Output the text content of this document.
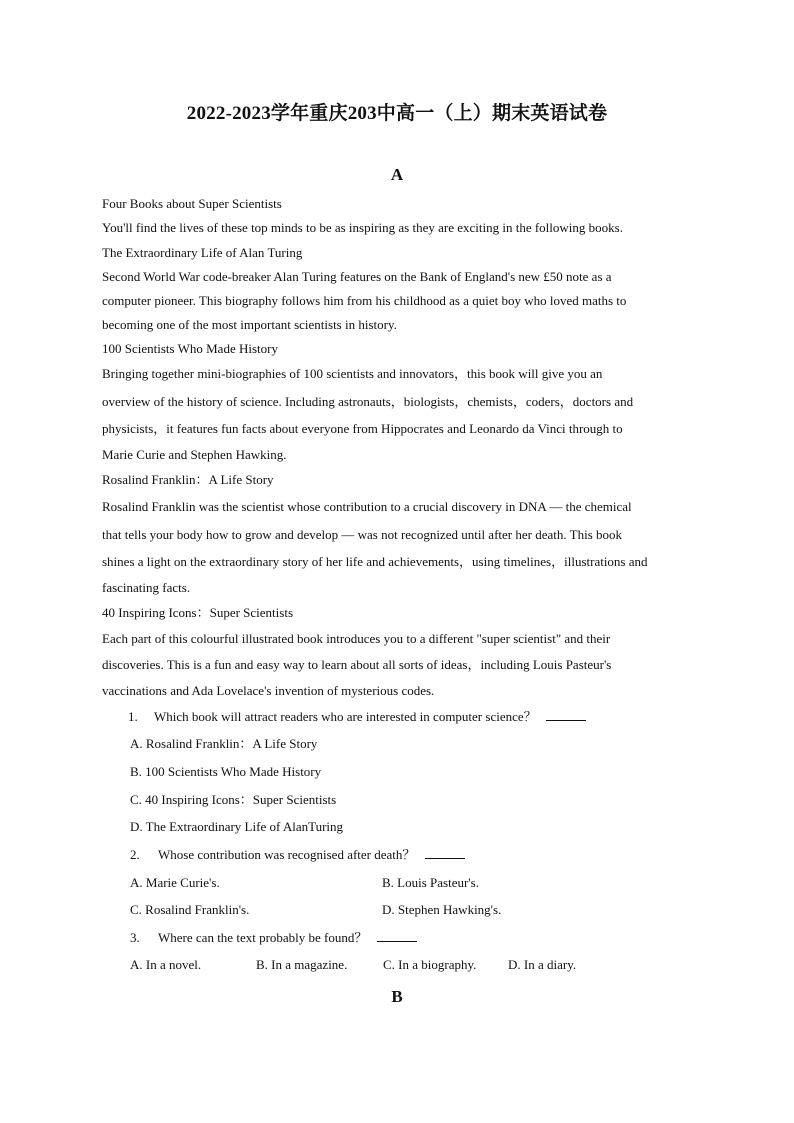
2022-2023学年重庆203中高一（上）期末英语试卷
A
Four Books about Super Scientists
You'll find the lives of these top minds to be as inspiring as they are exciting in the following books.
The Extraordinary Life of Alan Turing
Second World War code-breaker Alan Turing features on the Bank of England's new £50 note as a
computer pioneer. This biography follows him from his childhood as a quiet boy who loved maths to
becoming one of the most important scientists in history.
100 Scientists Who Made History
Bringing together mini-biographies of 100 scientists and innovators，this book will give you an
overview of the history of science. Including astronauts，biologists，chemists，coders，doctors and
physicists，it features fun facts about everyone from Hippocrates and Leonardo da Vinci through to
Marie Curie and Stephen Hawking.
Rosalind Franklin：A Life Story
Rosalind Franklin was the scientist whose contribution to a crucial discovery in DNA — the chemical
that tells your body how to grow and develop — was not recognized until after her death. This book
shines a light on the extraordinary story of her life and achievements，using timelines，illustrations and
fascinating facts.
40 Inspiring Icons：Super Scientists
Each part of this colourful illustrated book introduces you to a different "super scientist" and their
discoveries. This is a fun and easy way to learn about all sorts of ideas，including Louis Pasteur's
vaccinations and Ada Lovelace's invention of mysterious codes.
1. Which book will attract readers who are interested in computer science？
A. Rosalind Franklin：A Life Story
B. 100 Scientists Who Made History
C. 40 Inspiring Icons：Super Scientists
D. The Extraordinary Life of AlanTuring
2. Whose contribution was recognised after death？
A. Marie Curie's.	B. Louis Pasteur's.
C. Rosalind Franklin's.	D. Stephen Hawking's.
3. Where can the text probably be found？
A. In a novel.	B. In a magazine.	C. In a biography. D. In a diary.
B
